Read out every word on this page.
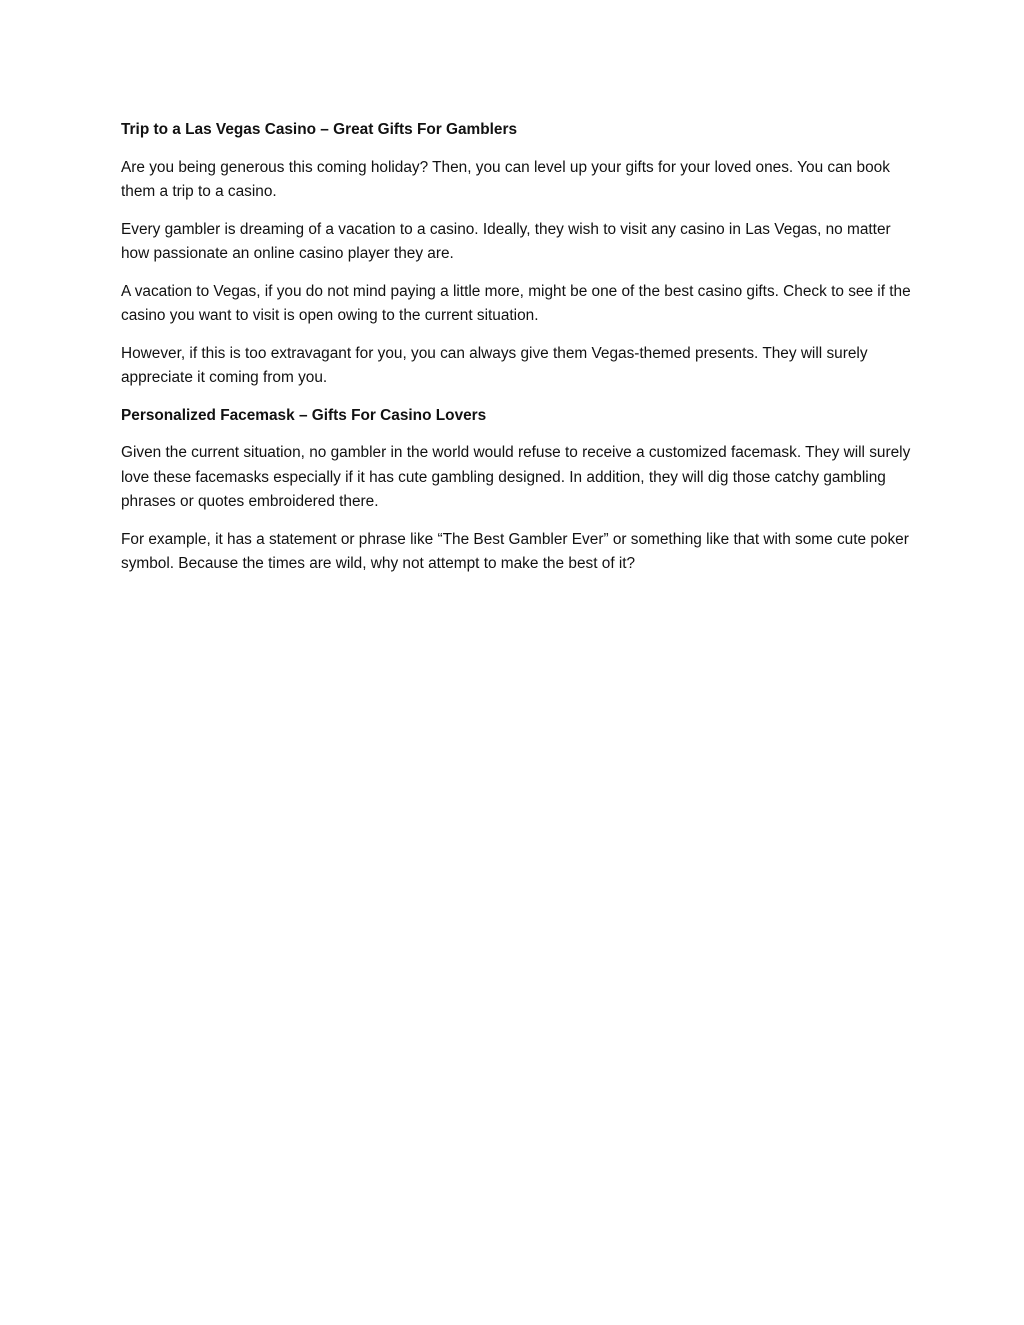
Trip to a Las Vegas Casino – Great Gifts For Gamblers

Are you being generous this coming holiday? Then, you can level up your gifts for your loved ones. You can book them a trip to a casino.

Every gambler is dreaming of a vacation to a casino. Ideally, they wish to visit any casino in Las Vegas, no matter how passionate an online casino player they are.

A vacation to Vegas, if you do not mind paying a little more, might be one of the best casino gifts. Check to see if the casino you want to visit is open owing to the current situation.

However, if this is too extravagant for you, you can always give them Vegas-themed presents. They will surely appreciate it coming from you.

Personalized Facemask – Gifts For Casino Lovers

Given the current situation, no gambler in the world would refuse to receive a customized facemask. They will surely love these facemasks especially if it has cute gambling designed. In addition, they will dig those catchy gambling phrases or quotes embroidered there.

For example, it has a statement or phrase like “The Best Gambler Ever” or something like that with some cute poker symbol. Because the times are wild, why not attempt to make the best of it?
